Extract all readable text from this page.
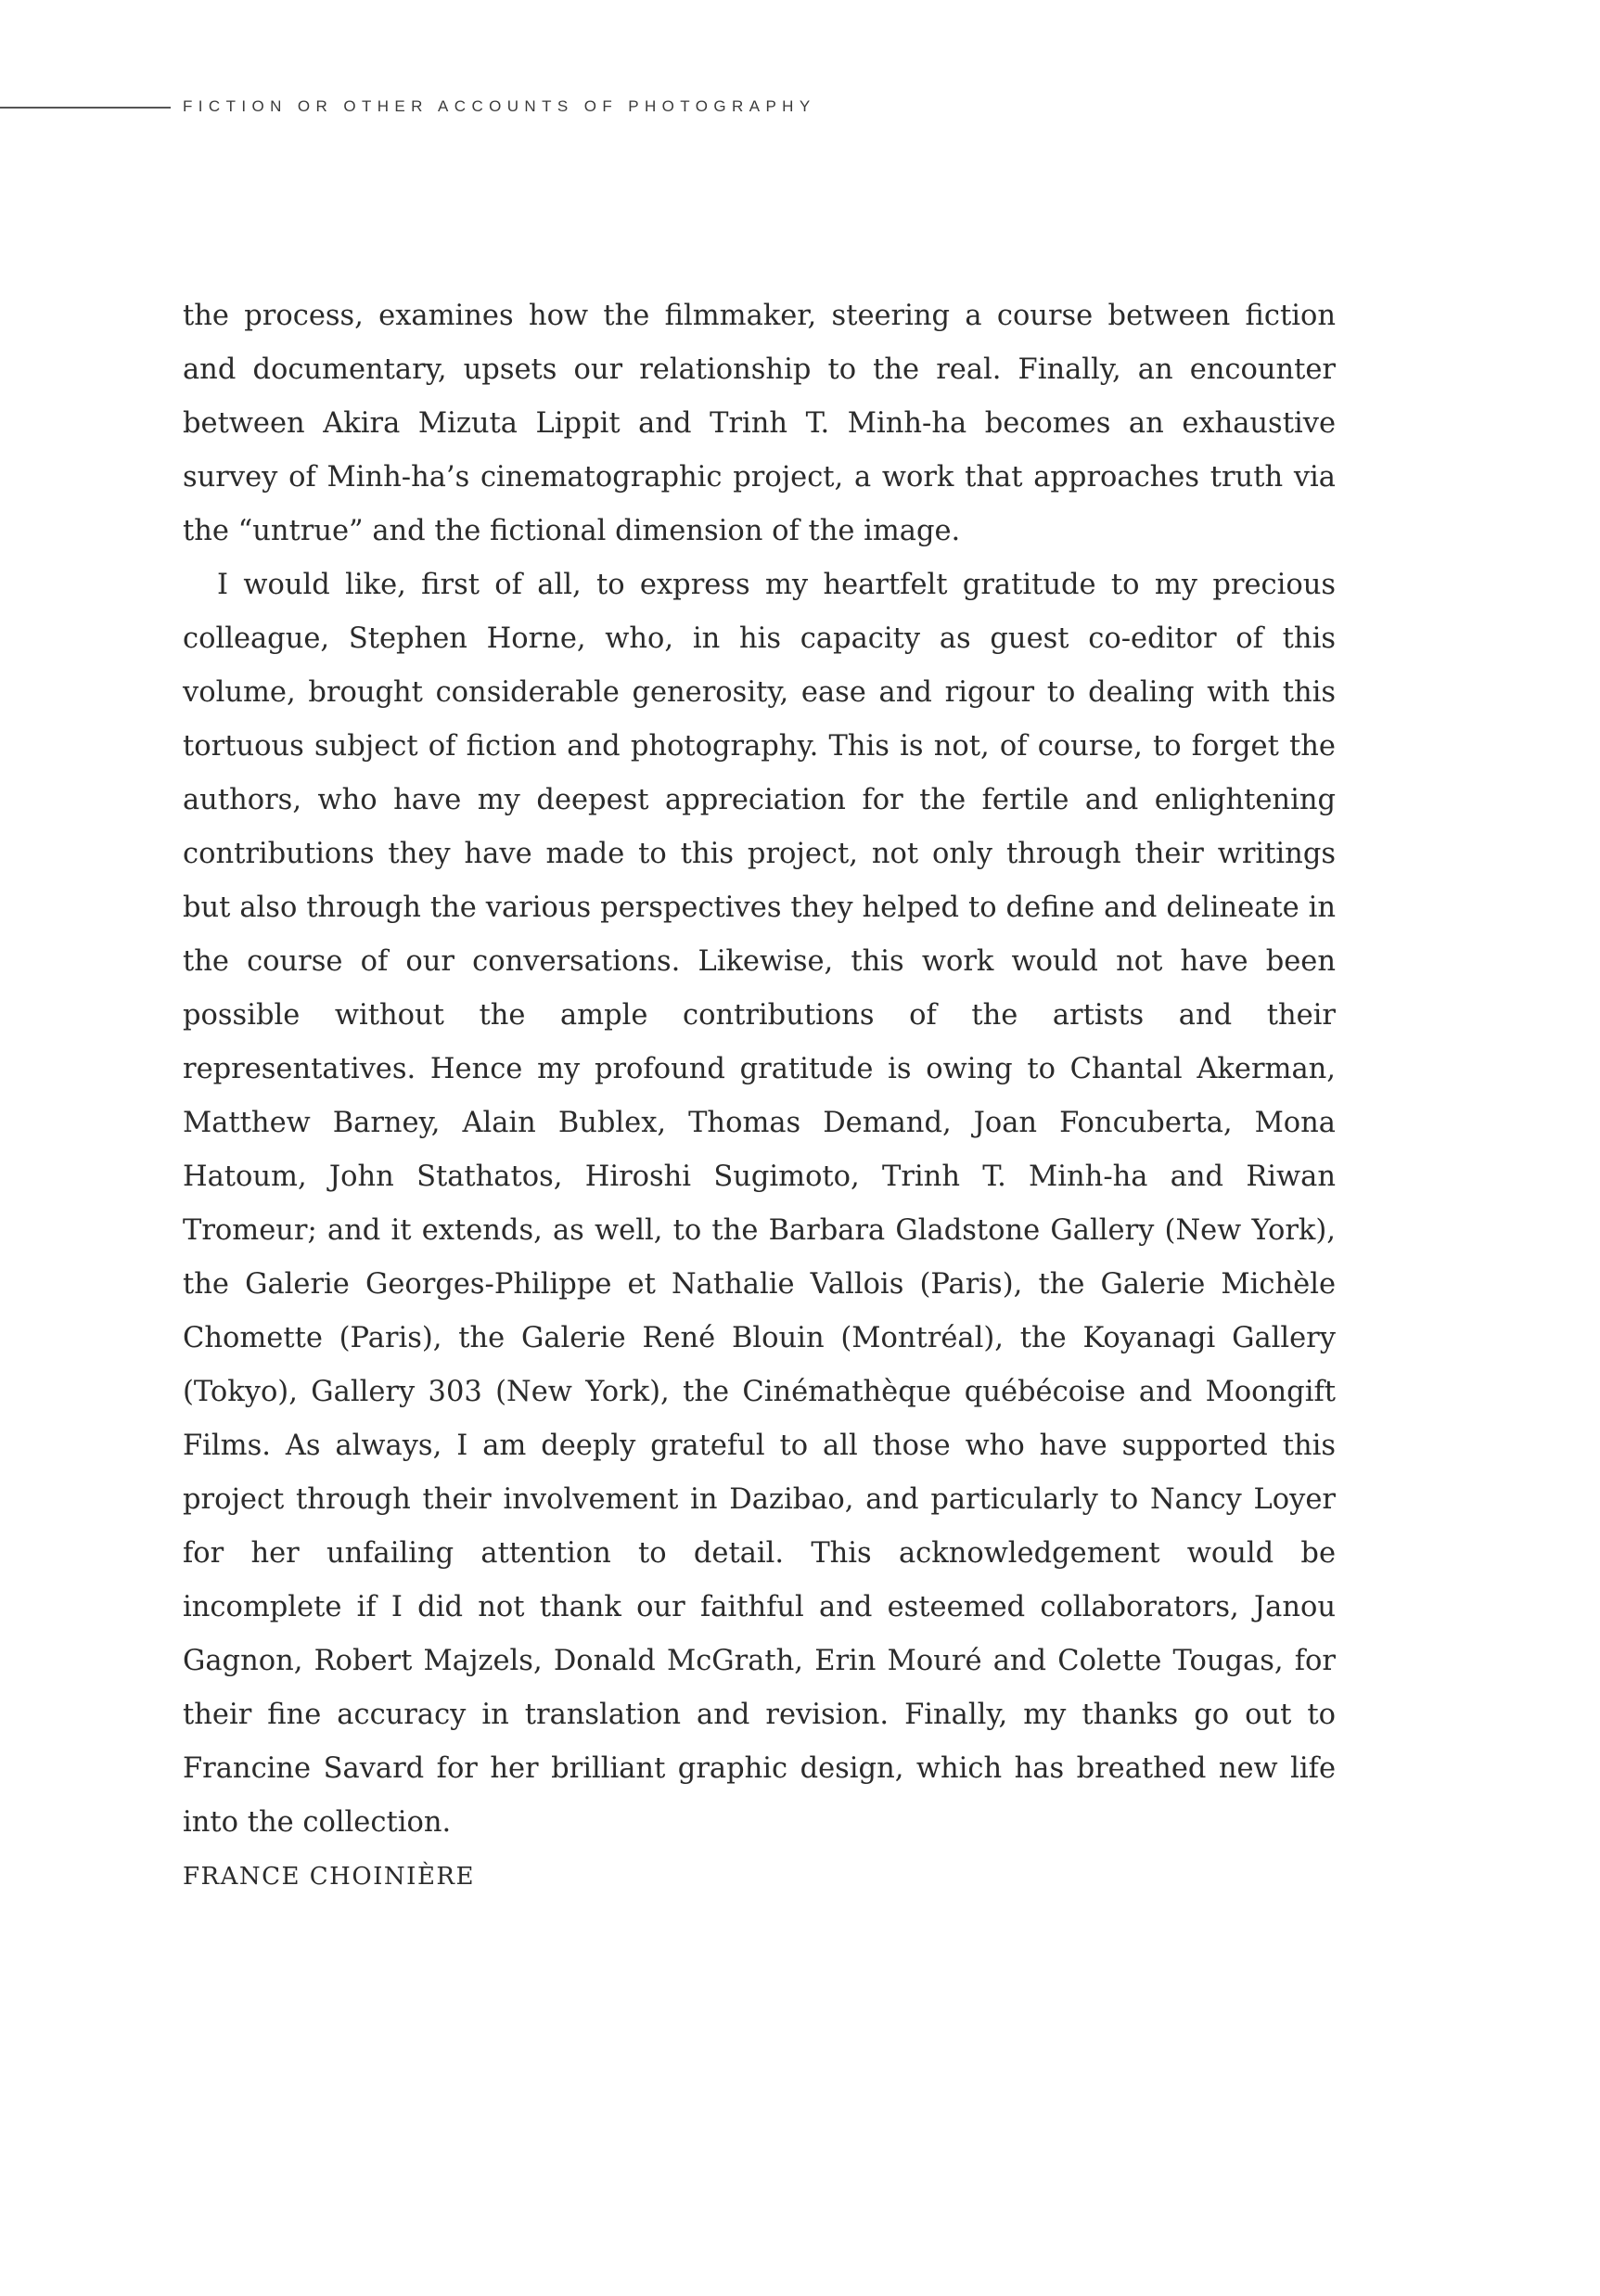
FICTION OR OTHER ACCOUNTS OF PHOTOGRAPHY

the process, examines how the filmmaker, steering a course between fiction and documentary, upsets our relationship to the real. Finally, an encounter between Akira Mizuta Lippit and Trinh T. Minh-ha becomes an exhaustive survey of Minh-ha’s cinematographic project, a work that approaches truth via the “untrue” and the fictional dimension of the image.

I would like, first of all, to express my heartfelt gratitude to my precious colleague, Stephen Horne, who, in his capacity as guest co-editor of this volume, brought considerable generosity, ease and rigour to dealing with this tortuous subject of fiction and photography. This is not, of course, to forget the authors, who have my deepest appreciation for the fertile and enlightening contributions they have made to this project, not only through their writings but also through the various perspectives they helped to define and delineate in the course of our conversations. Likewise, this work would not have been possible without the ample contributions of the artists and their representatives. Hence my profound gratitude is owing to Chantal Akerman, Matthew Barney, Alain Bublex, Thomas Demand, Joan Foncuberta, Mona Hatoum, John Stathatos, Hiroshi Sugimoto, Trinh T. Minh-ha and Riwan Tromeur; and it extends, as well, to the Barbara Gladstone Gallery (New York), the Galerie Georges-Philippe et Nathalie Vallois (Paris), the Galerie Michèle Chomette (Paris), the Galerie René Blouin (Montréal), the Koyanagi Gallery (Tokyo), Gallery 303 (New York), the Cinémathèque québécoise and Moongift Films. As always, I am deeply grateful to all those who have supported this project through their involvement in Dazibao, and particularly to Nancy Loyer for her unfailing attention to detail. This acknowledgement would be incomplete if I did not thank our faithful and esteemed collaborators, Janou Gagnon, Robert Majzels, Donald McGrath, Erin Mouré and Colette Tougas, for their fine accuracy in translation and revision. Finally, my thanks go out to Francine Savard for her brilliant graphic design, which has breathed new life into the collection.

FRANCE CHOINIÈRE
